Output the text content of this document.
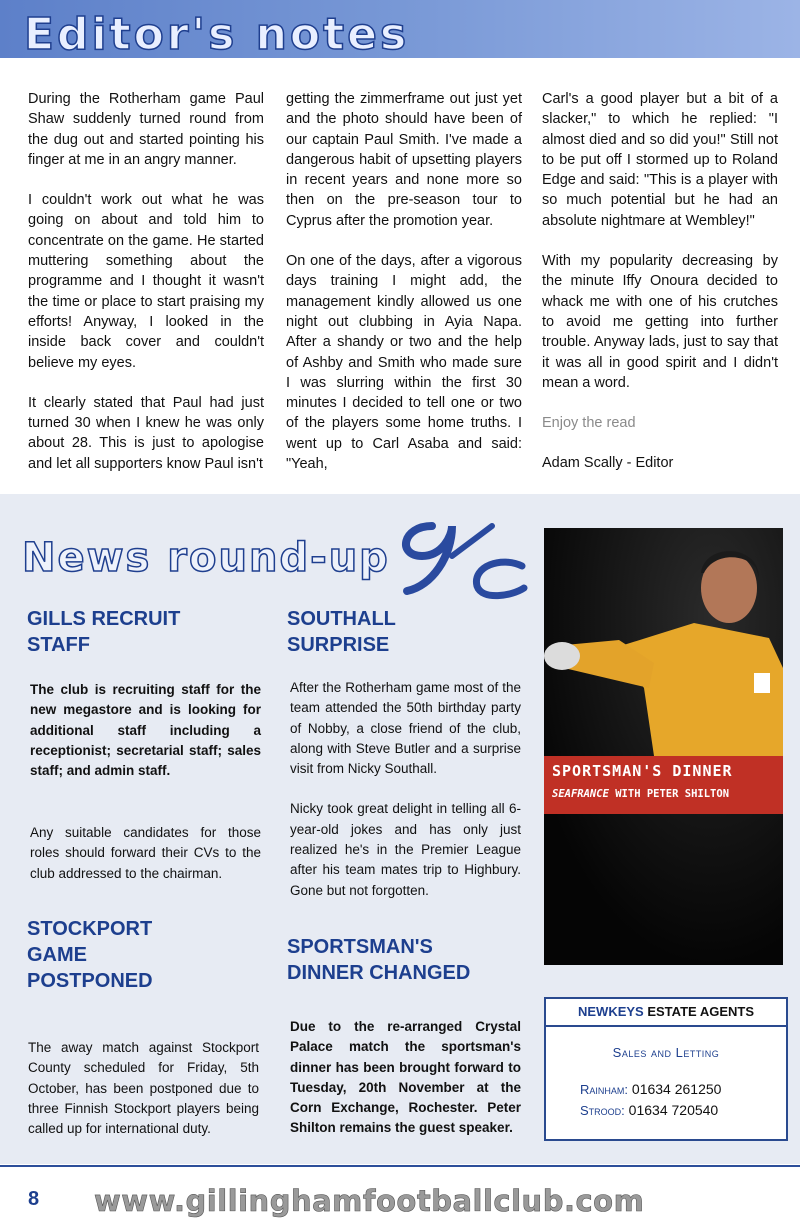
Editor's notes

During the Rotherham game Paul Shaw suddenly turned round from the dug out and started pointing his finger at me in an angry manner.

I couldn't work out what he was going on about and told him to concentrate on the game. He started muttering something about the programme and I thought it wasn't the time or place to start praising my efforts! Anyway, I looked in the inside back cover and couldn't believe my eyes.

It clearly stated that Paul had just turned 30 when I knew he was only about 28. This is just to apologise and let all supporters know Paul isn't

getting the zimmerframe out just yet and the photo should have been of our captain Paul Smith. I've made a dangerous habit of upsetting players in recent years and none more so then on the pre-season tour to Cyprus after the promotion year.

On one of the days, after a vigorous days training I might add, the management kindly allowed us one night out clubbing in Ayia Napa. After a shandy or two and the help of Ashby and Smith who made sure I was slurring within the first 30 minutes I decided to tell one or two of the players some home truths. I went up to Carl Asaba and said: "Yeah,

Carl's a good player but a bit of a slacker," to which he replied: "I almost died and so did you!" Still not to be put off I stormed up to Roland Edge and said: "This is a player with so much potential but he had an absolute nightmare at Wembley!"

With my popularity decreasing by the minute Iffy Onoura decided to whack me with one of his crutches to avoid me getting into further trouble. Anyway lads, just to say that it was all in good spirit and I didn't mean a word.

Enjoy the read

Adam Scally - Editor

News round-up
GILLS RECRUIT STAFF

The club is recruiting staff for the new megastore and is looking for additional staff including a receptionist; secretarial staff; sales staff; and admin staff.

Any suitable candidates for those roles should forward their CVs to the club addressed to the chairman.

STOCKPORT GAME POSTPONED

The away match against Stockport County scheduled for Friday, 5th October, has been postponed due to three Finnish Stockport players being called up for international duty.

SOUTHALL SURPRISE

After the Rotherham game most of the team attended the 50th birthday party of Nobby, a close friend of the club, along with Steve Butler and a surprise visit from Nicky Southall.

Nicky took great delight in telling all 6-year-old jokes and has only just realized he's in the Premier League after his team mates trip to Highbury. Gone but not forgotten.

SPORTSMAN'S DINNER CHANGED

Due to the re-arranged Crystal Palace match the sportsman's dinner has been brought forward to Tuesday, 20th November at the Corn Exchange, Rochester. Peter Shilton remains the guest speaker.

SPORTSMAN'S DINNER
SEAFRANCE WITH PETER SHILTON
NEWKEYS ESTATE AGENTS
Sales and Letting
Rainham: 01634 261250
Strood: 01634 720540
8 www.gillinghamfootballclub.com
